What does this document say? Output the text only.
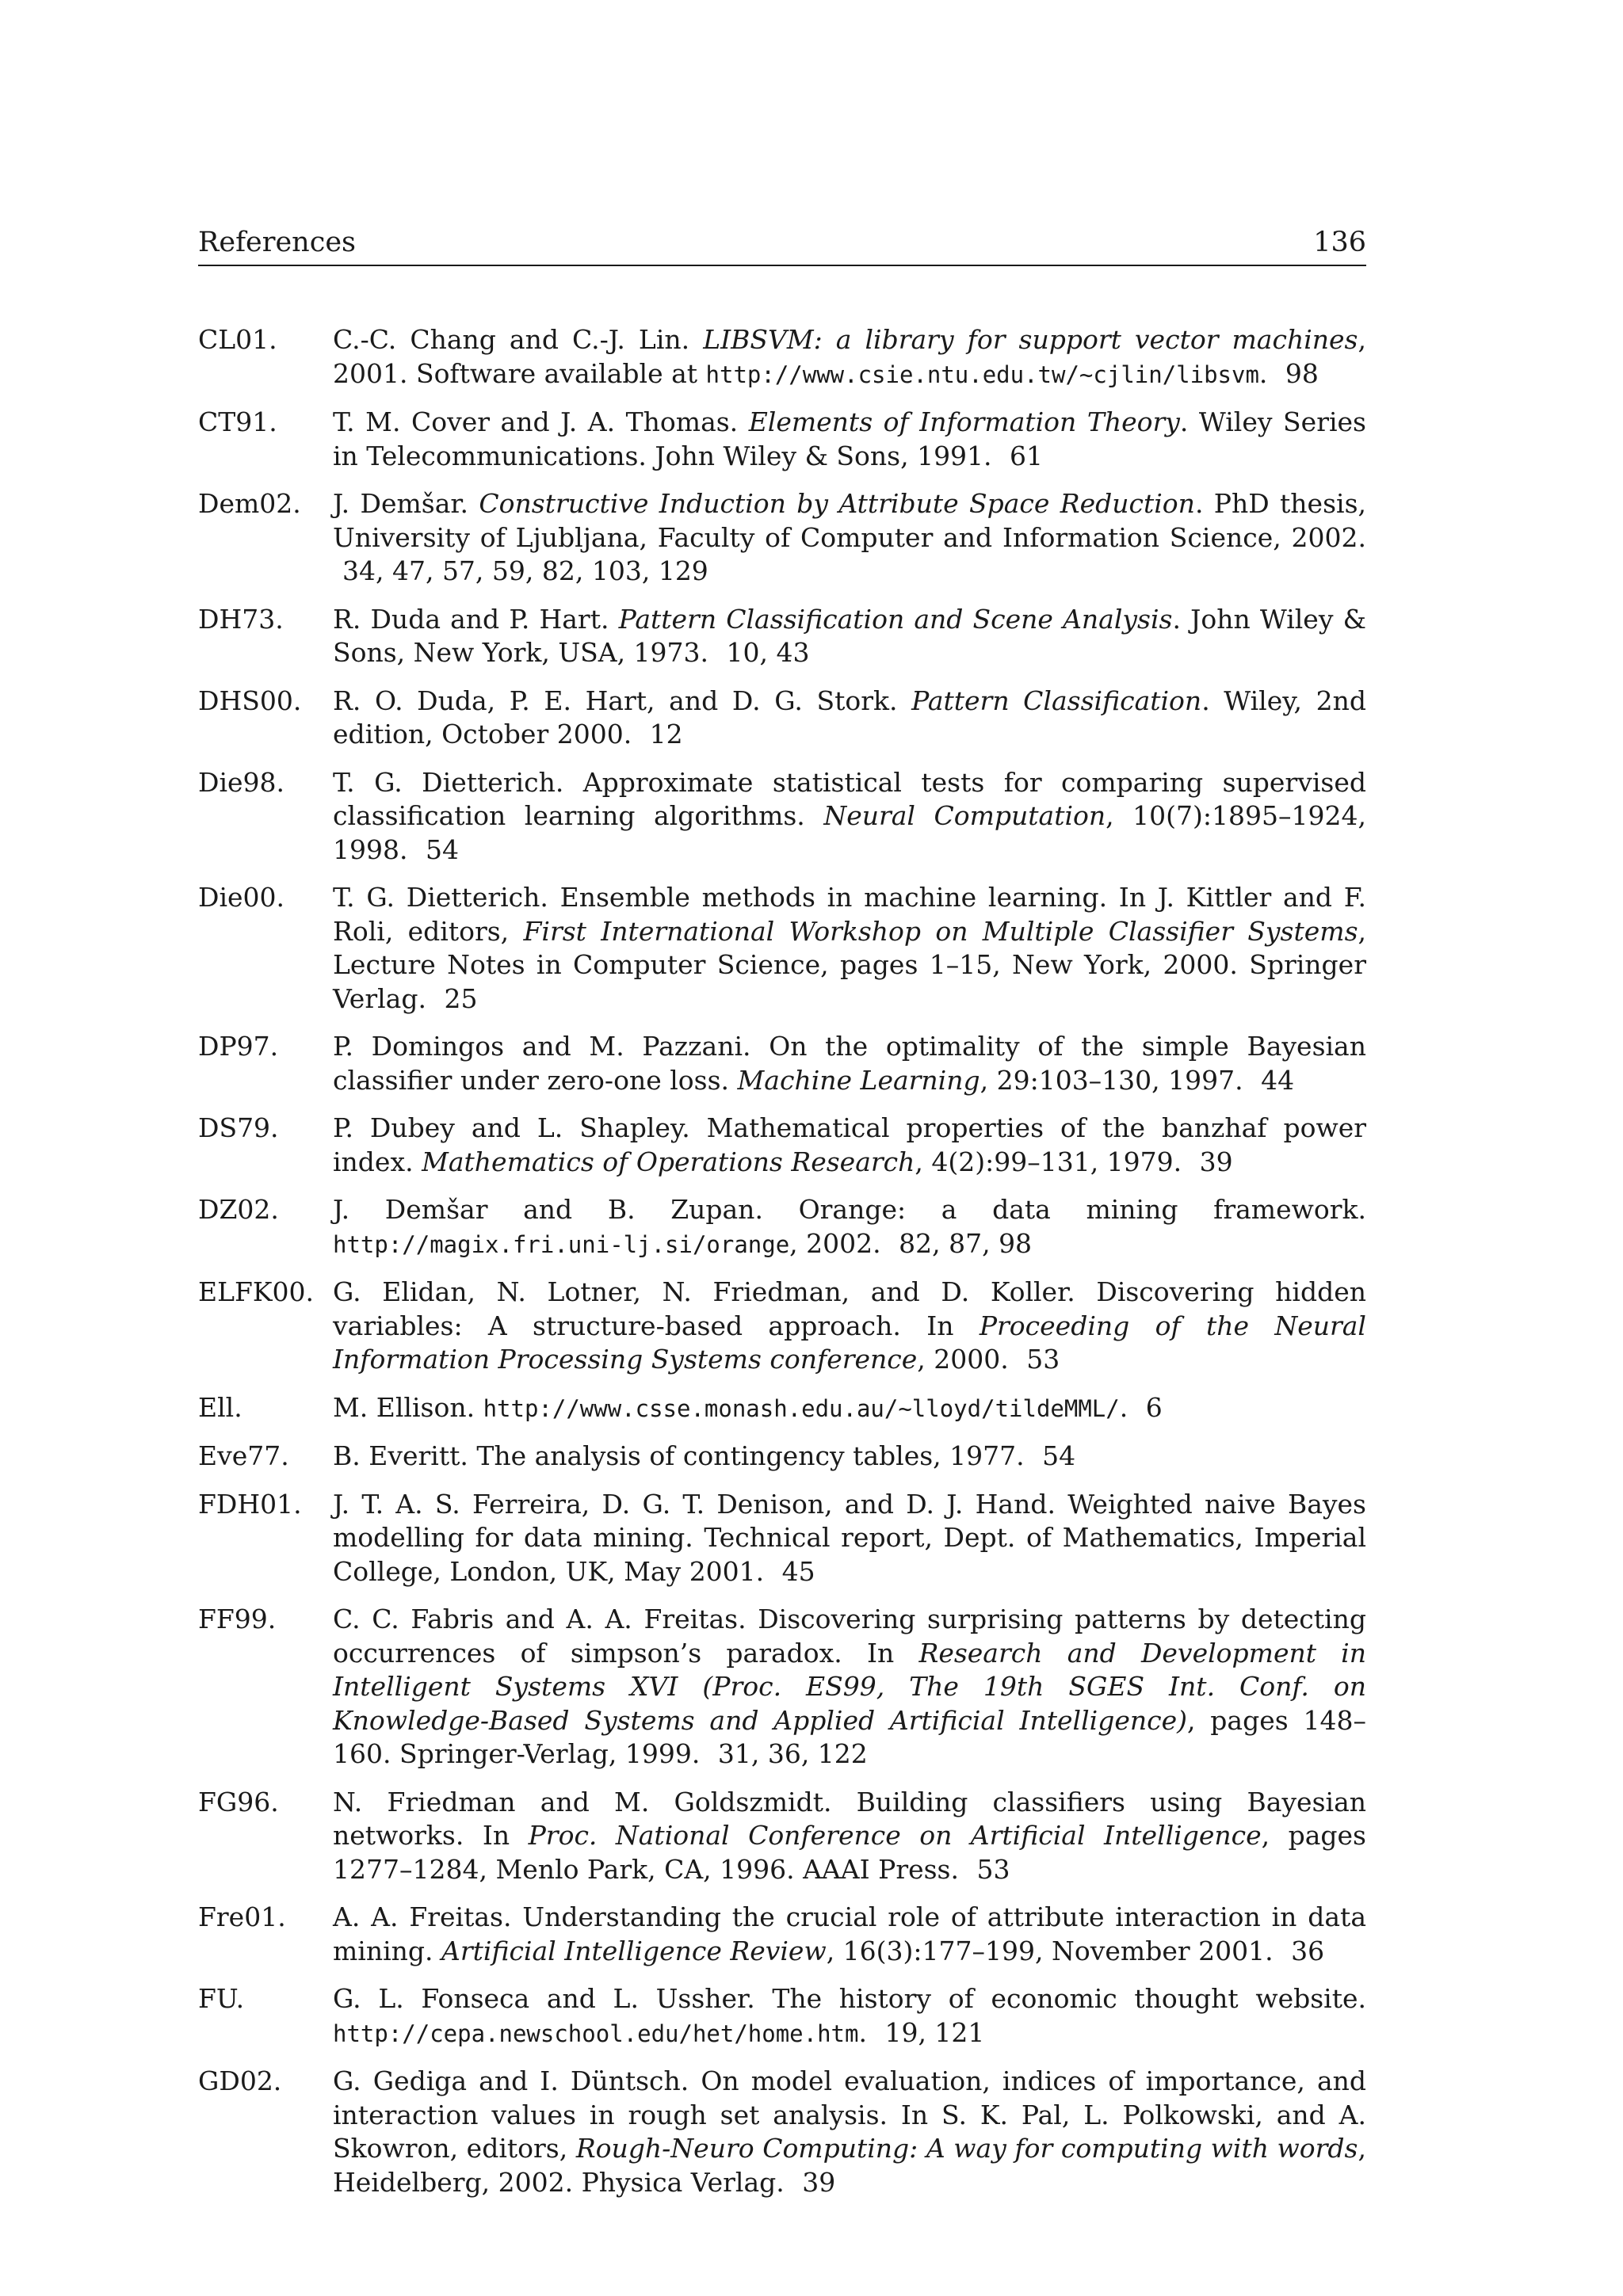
References	136
CL01.	C.-C. Chang and C.-J. Lin. LIBSVM: a library for support vector machines, 2001. Software available at http://www.csie.ntu.edu.tw/~cjlin/libsvm. 98
CT91.	T. M. Cover and J. A. Thomas. Elements of Information Theory. Wiley Series in Telecommunications. John Wiley & Sons, 1991. 61
Dem02.	J. Demšar. Constructive Induction by Attribute Space Reduction. PhD thesis, University of Ljubljana, Faculty of Computer and Information Science, 2002. 34, 47, 57, 59, 82, 103, 129
DH73.	R. Duda and P. Hart. Pattern Classification and Scene Analysis. John Wiley & Sons, New York, USA, 1973. 10, 43
DHS00.	R. O. Duda, P. E. Hart, and D. G. Stork. Pattern Classification. Wiley, 2nd edition, October 2000. 12
Die98.	T. G. Dietterich. Approximate statistical tests for comparing supervised classification learning algorithms. Neural Computation, 10(7):1895–1924, 1998. 54
Die00.	T. G. Dietterich. Ensemble methods in machine learning. In J. Kittler and F. Roli, editors, First International Workshop on Multiple Classifier Systems, Lecture Notes in Computer Science, pages 1–15, New York, 2000. Springer Verlag. 25
DP97.	P. Domingos and M. Pazzani. On the optimality of the simple Bayesian classifier under zero-one loss. Machine Learning, 29:103–130, 1997. 44
DS79.	P. Dubey and L. Shapley. Mathematical properties of the banzhaf power index. Mathematics of Operations Research, 4(2):99–131, 1979. 39
DZ02.	J. Demšar and B. Zupan. Orange: a data mining framework. http://magix.fri.uni-lj.si/orange, 2002. 82, 87, 98
ELFK00. G. Elidan, N. Lotner, N. Friedman, and D. Koller. Discovering hidden variables: A structure-based approach. In Proceeding of the Neural Information Processing Systems conference, 2000. 53
Ell.	M. Ellison. http://www.csse.monash.edu.au/~lloyd/tildeMML/. 6
Eve77.	B. Everitt. The analysis of contingency tables, 1977. 54
FDH01.	J. T. A. S. Ferreira, D. G. T. Denison, and D. J. Hand. Weighted naive Bayes modelling for data mining. Technical report, Dept. of Mathematics, Imperial College, London, UK, May 2001. 45
FF99.	C. C. Fabris and A. A. Freitas. Discovering surprising patterns by detecting occurrences of simpson’s paradox. In Research and Development in Intelligent Systems XVI (Proc. ES99, The 19th SGES Int. Conf. on Knowledge-Based Systems and Applied Artificial Intelligence), pages 148–160. Springer-Verlag, 1999. 31, 36, 122
FG96.	N. Friedman and M. Goldszmidt. Building classifiers using Bayesian networks. In Proc. National Conference on Artificial Intelligence, pages 1277–1284, Menlo Park, CA, 1996. AAAI Press. 53
Fre01.	A. A. Freitas. Understanding the crucial role of attribute interaction in data mining. Artificial Intelligence Review, 16(3):177–199, November 2001. 36
FU.	G. L. Fonseca and L. Ussher. The history of economic thought website. http://cepa.newschool.edu/het/home.htm. 19, 121
GD02.	G. Gediga and I. Düntsch. On model evaluation, indices of importance, and interaction values in rough set analysis. In S. K. Pal, L. Polkowski, and A. Skowron, editors, Rough-Neuro Computing: A way for computing with words, Heidelberg, 2002. Physica Verlag. 39
